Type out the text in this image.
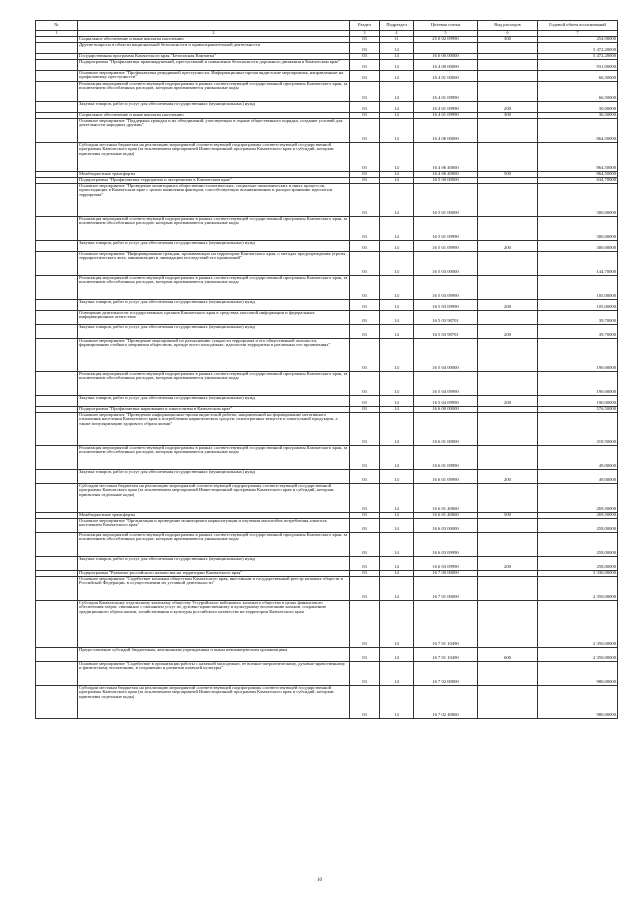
№		Раздел	Подраздел	Целевая статья	Вид расходов	Годовой объем ассигнований
1	2	3	4	5	6	7
	Социальное обеспечение и иные выплаты населению	03	11	25 0 02 09990	300	254,90000
	Другие вопросы в области национальной безопасности и правоохранительной деятельности	03	14			5 472,20000
	Государственная программа Камчатского края "Безопасная Камчатка"	03	14	16 0 00 00000		5 472,20000
	Подпрограмма "Профилактика правонарушений, преступлений и повышение безопасности дорожного движения в Камчатском крае"	03	14	16 4 00 00000		931,00000
	Основное мероприятие "Профилактика рецидивной преступности. Информационно-пропагандистские мероприятия, направленные на профилактику преступности"	03	14	16 4 01 00000		66,50000
	Реализация мероприятий соответствующей подпрограммы в рамках соответствующей государственной программы Камчатского края, за исключением обособленных расходов, которым присваиваются уникальные коды	03	14	16 4 01 09990		66,50000
	Закупка товаров, работ и услуг для обеспечения государственных (муниципальных) нужд	03	14	16 4 01 09990	200	30,00000
	Социальное обеспечение и иные выплаты населению	03	14	16 4 01 09990	300	36,50000
	Основное мероприятие "Поддержка граждан и их объединений, участвующих в охране общественного порядка, создание условий для деятельности народных дружин"	03	14	16 4 06 00000		864,50000
	Субсидии местным бюджетам на реализацию мероприятий соответствующей подпрограммы соответствующей государственной программы Камчатского края (за исключением мероприятий Инвестиционной программы Камчатского края и субсидий, которым присвоены отдельные коды)	03	14	16 4 06 40060		864,50000
	Межбюджетные трансферты	03	14	16 4 06 40060	500	864,50000
	Подпрограмма "Профилактика терроризма и экстремизма в Камчатском крае"	03	14	16 5 00 00000		634,70000
	Основное мероприятие "Проведение мониторинга общественно-политических, социально-экономических и иных процессов, происходящих в Камчатском крае с целью выявления факторов, способствующих возникновению и распространению идеологии терроризма"	03	14	16 5 01 00000		300,00000
	Реализация мероприятий соответствующей подпрограммы в рамках соответствующей государственной программы Камчатского края, за исключением обособленных расходов, которым присваиваются уникальные коды	03	14	16 5 01 09990		300,00000
	Закупка товаров, работ и услуг для обеспечения государственных (муниципальных) нужд	03	14	16 5 01 09990	200	300,00000
	Основное мероприятие "Информирование граждан, проживающих на территории Камчатского края, о методах предупреждения угрозы террористического акта, минимизации и ликвидации последствий его проявлений"	03	14	16 5 03 00000		144,70000
	Реализация мероприятий соответствующей подпрограммы в рамках соответствующей государственной программы Камчатского края, за исключением обособленных расходов, которым присваиваются уникальные коды	03	14	16 5 03 09990		105,00000
	Закупка товаров, работ и услуг для обеспечения государственных (муниципальных) нужд	03	14	16 5 03 09990	200	105,00000
	Освещение деятельности государственных органов Камчатского края в средствах массовой информации и федеральных информационных агентствах	03	14	16 5 03 98701		39,70000
	Закупка товаров, работ и услуг для обеспечения государственных (муниципальных) нужд	03	14	16 5 03 98701	200	39,70000
	Основное мероприятие "Проведение мероприятий по разъяснению сущности терроризма и его общественной опасности, формированию стойкого неприятия обществом, прежде всего молодежью, идеологии терроризма в различных его проявлениях"	03	14	16 5 04 00000		190,00000
	Реализация мероприятий соответствующей подпрограммы в рамках соответствующей государственной программы Камчатского края, за исключением обособленных расходов, которым присваиваются уникальные коды	03	14	16 5 04 09990		190,00000
	Закупка товаров, работ и услуг для обеспечения государственных (муниципальных) нужд	03	14	16 5 04 09990	200	190,00000
	Подпрограмма "Профилактика наркомании и алкоголизма в Камчатском крае"	03	14	16 6 00 00000		576,50000
	Основное мероприятие "Проведение информационно-пропагандистской работы, направленной на формирование негативного отношения населения Камчатского края к потреблению наркотических средств, психотропных веществ и алкогольной продукции, а также популяризацию здорового образа жизни"	03	14	16 6 01 00000		318,50000
	Реализация мероприятий соответствующей подпрограммы в рамках соответствующей государственной программы Камчатского края, за исключением обособленных расходов, которым присваиваются уникальные коды	03	14	16 6 01 09990		49,00000
	Закупка товаров, работ и услуг для обеспечения государственных (муниципальных) нужд	03	14	16 6 01 09990	200	49,00000
	Субсидии местным бюджетам на реализацию мероприятий соответствующей подпрограммы соответствующей государственной программы Камчатского края (за исключением мероприятий Инвестиционной программы Камчатского края и субсидий, которым присвоены отдельные коды)	03	14	16 6 01 40060		269,50000
	Межбюджетные трансферты	03	14	16 6 01 40060	500	269,50000
	Основное мероприятие "Организация и проведение мониторинга наркоситуации и изучения масштабов потребления алкоголя населением Камчатского края"	03	14	16 6 03 00000		258,00000
	Реализация мероприятий соответствующей подпрограммы в рамках соответствующей государственной программы Камчатского края, за исключением обособленных расходов, которым присваиваются уникальные коды	03	14	16 6 03 09990		258,00000
	Закупка товаров, работ и услуг для обеспечения государственных (муниципальных) нужд	03	14	16 6 03 09990	200	258,00000
	Подпрограмма "Развитие российского казачества на территории Камчатского края"	03	14	16 7 00 00000		3 330,00000
	Основное мероприятие "Содействие казачьим обществам Камчатского края, внесенным в государственный реестр казачьих обществ в Российской Федерации, в осуществлении их уставной деятельности"	03	14	16 7 01 00000		2 350,00000
	Субсидия Камчатскому отдельскому казачьему обществу Уссурийского войскового казачьего общества в целях финансового обеспечения затрат, связанных с оказанием услуг по духовно-нравственному и культурному воспитанию казаков, сохранению традиционного образа жизни, хозяйствования и культуры российского казачества на территории Камчатского края	03	14	16 7 01 10490		2 350,00000
	Предоставление субсидий бюджетным, автономным учреждениям и иным некоммерческим организациям	03	14	16 7 01 10490	600	2 350,00000
	Основное мероприятие "Содействие в организации работы с казачьей молодежью, ее военно-патриотическому, духовно-нравственному и физическому воспитанию, в сохранении и развитии казачьей культуры"	03	14	16 7 02 00000		980,00000
	Субсидии местным бюджетам на реализацию мероприятий соответствующей подпрограммы соответствующей государственной программы Камчатского края (за исключением мероприятий Инвестиционной программы Камчатского края и субсидий, которым присвоены отдельные коды)	03	14	16 7 02 40060		980,00000
10
